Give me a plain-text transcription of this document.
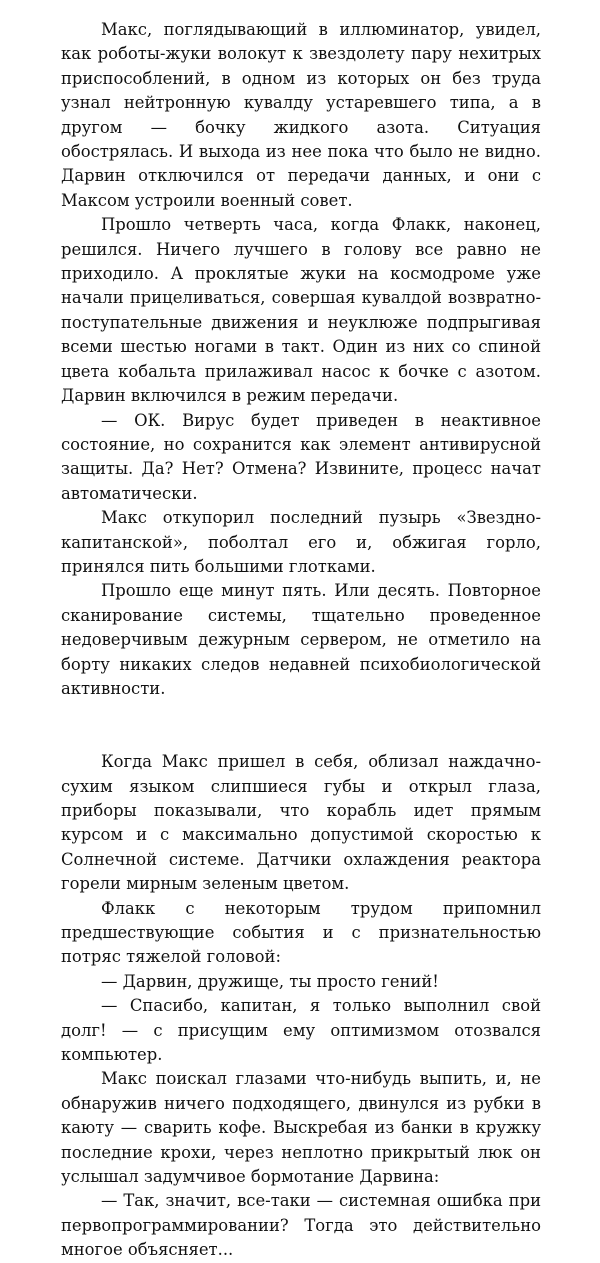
Макс, поглядывающий в иллюминатор, увидел, как роботы-жуки волокут к звездолету пару нехитрых приспособлений, в одном из которых он без труда узнал нейтронную кувалду устаревшего типа, а в другом — бочку жидкого азота. Ситуация обострялась. И выхода из нее пока что было не видно. Дарвин отключился от передачи данных, и они с Максом устроили военный совет.

Прошло четверть часа, когда Флакк, наконец, решился. Ничего лучшего в голову все равно не приходило. А проклятые жуки на космодроме уже начали прицеливаться, совершая кувалдой возвратно-поступательные движения и неуклюже подпрыгивая всеми шестью ногами в такт. Один из них со спиной цвета кобальта прилаживал насос к бочке с азотом. Дарвин включился в режим передачи.

— ОК. Вирус будет приведен в неактивное состояние, но сохранится как элемент антивирусной защиты. Да? Нет? Отмена? Извините, процесс начат автоматически.

Макс откупорил последний пузырь «Звездно-капитанской», поболтал его и, обжигая горло, принялся пить большими глотками.

Прошло еще минут пять. Или десять. Повторное сканирование системы, тщательно проведенное недоверчивым дежурным сервером, не отметило на борту никаких следов недавней психобиологической активности.

Когда Макс пришел в себя, облизал наждачно-сухим языком слипшиеся губы и открыл глаза, приборы показывали, что корабль идет прямым курсом и с максимально допустимой скоростью к Солнечной системе. Датчики охлаждения реактора горели мирным зеленым цветом.

Флакк с некоторым трудом припомнил предшествующие события и с признательностью потряс тяжелой головой:

— Дарвин, дружище, ты просто гений!

— Спасибо, капитан, я только выполнил свой долг! — с присущим ему оптимизмом отозвался компьютер.

Макс поискал глазами что-нибудь выпить, и, не обнаружив ничего подходящего, двинулся из рубки в каюту — сварить кофе. Выскребая из банки в кружку последние крохи, через неплотно прикрытый люк он услышал задумчивое бормотание Дарвина:

— Так, значит, все-таки — системная ошибка при первопрограммировании? Тогда это действительно многое объясняет...
